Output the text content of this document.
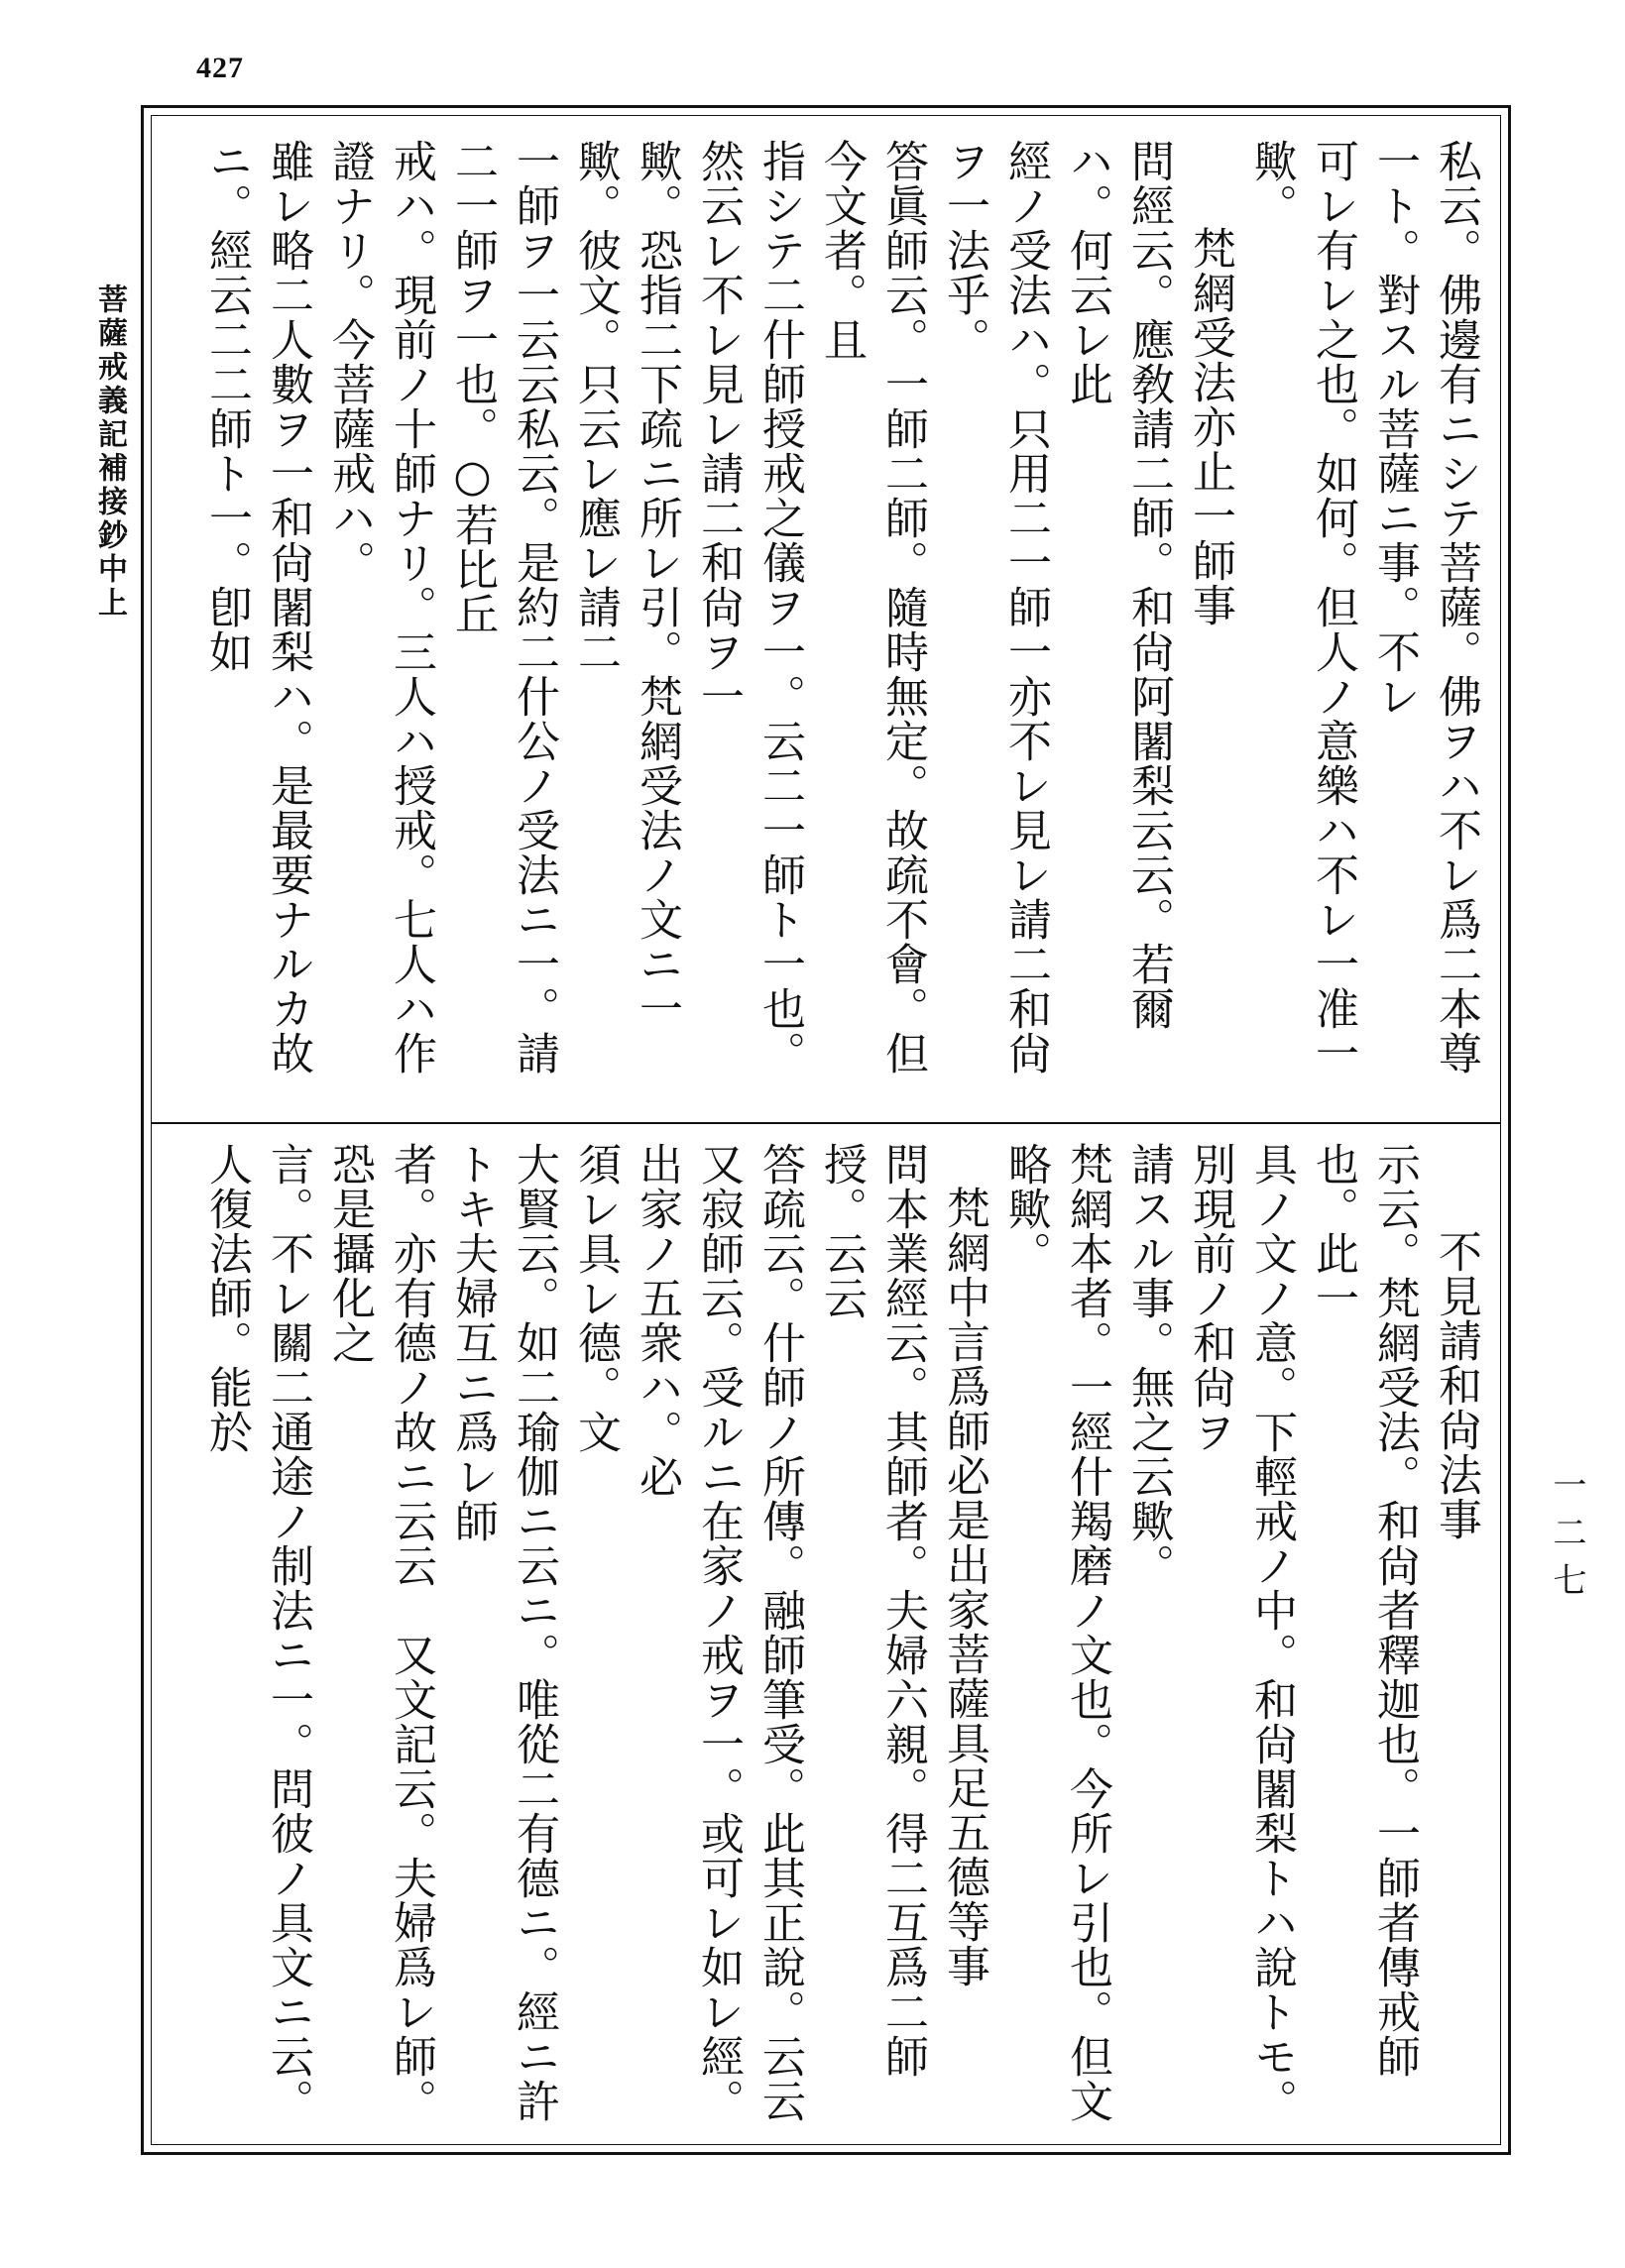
427
菩薩戒義記補接鈔中上
一二七
私云。佛邊有ニシテ菩薩。佛ヲハ不レ爲二本尊一ト。對スル菩薩ニ事。不レ
可レ有レ之也。如何。但人ノ意樂ハ不レ一准一歟。
梵網受法亦止一師事
問經云。應敎請二師。和尙阿闍梨云云。若爾ハ。何云レ此
經ノ受法ハ。只用二一師一亦不レ見レ請二和尙ヲ一法乎。
答眞師云。一師二師。隨時無定。故疏不會。但今文者。且
指シテ二什師授戒之儀ヲ一。云二一師ト一也。然云レ不レ見レ請二和尙ヲ一
歟。恐指二下疏ニ所レ引。梵網受法ノ文ニ一歟。彼文。只云レ應レ請二
一師ヲ一云云私云。是約二什公ノ受法ニ一。請二一師ヲ一也。○若比丘
戒ハ。現前ノ十師ナリ。三人ハ授戒。七人ハ作證ナリ。今菩薩戒ハ。
雖レ略二人數ヲ一和尙闍梨ハ。是最要ナルカ故ニ。經云二二師ト一。卽如
不見請和尙法事
示云。梵網受法。和尙者釋迦也。一師者傳戒師也。此一
具ノ文ノ意。下輕戒ノ中。和尙闍梨トハ說トモ。別現前ノ和尙ヲ
請スル事。無之云歟。
梵網本者。一經什羯磨ノ文也。今所レ引也。但文略歟。
梵網中言爲師必是出家菩薩具足五德等事
問本業經云。其師者。夫婦六親。得二互爲二師授。云云
答疏云。什師ノ所傳。融師筆受。此其正說。云云
又寂師云。受ルニ在家ノ戒ヲ一。或可レ如レ經。出家ノ五衆ハ。必
須レ具レ德。文
大賢云。如二瑜伽ニ云ニ。唯從二有德ニ。經ニ許トキ夫婦互ニ爲レ師
者。亦有德ノ故ニ云云　又文記云。夫婦爲レ師。恐是攝化之
言。不レ關二通途ノ制法ニ一。問彼ノ具文ニ云。人復法師。能於
